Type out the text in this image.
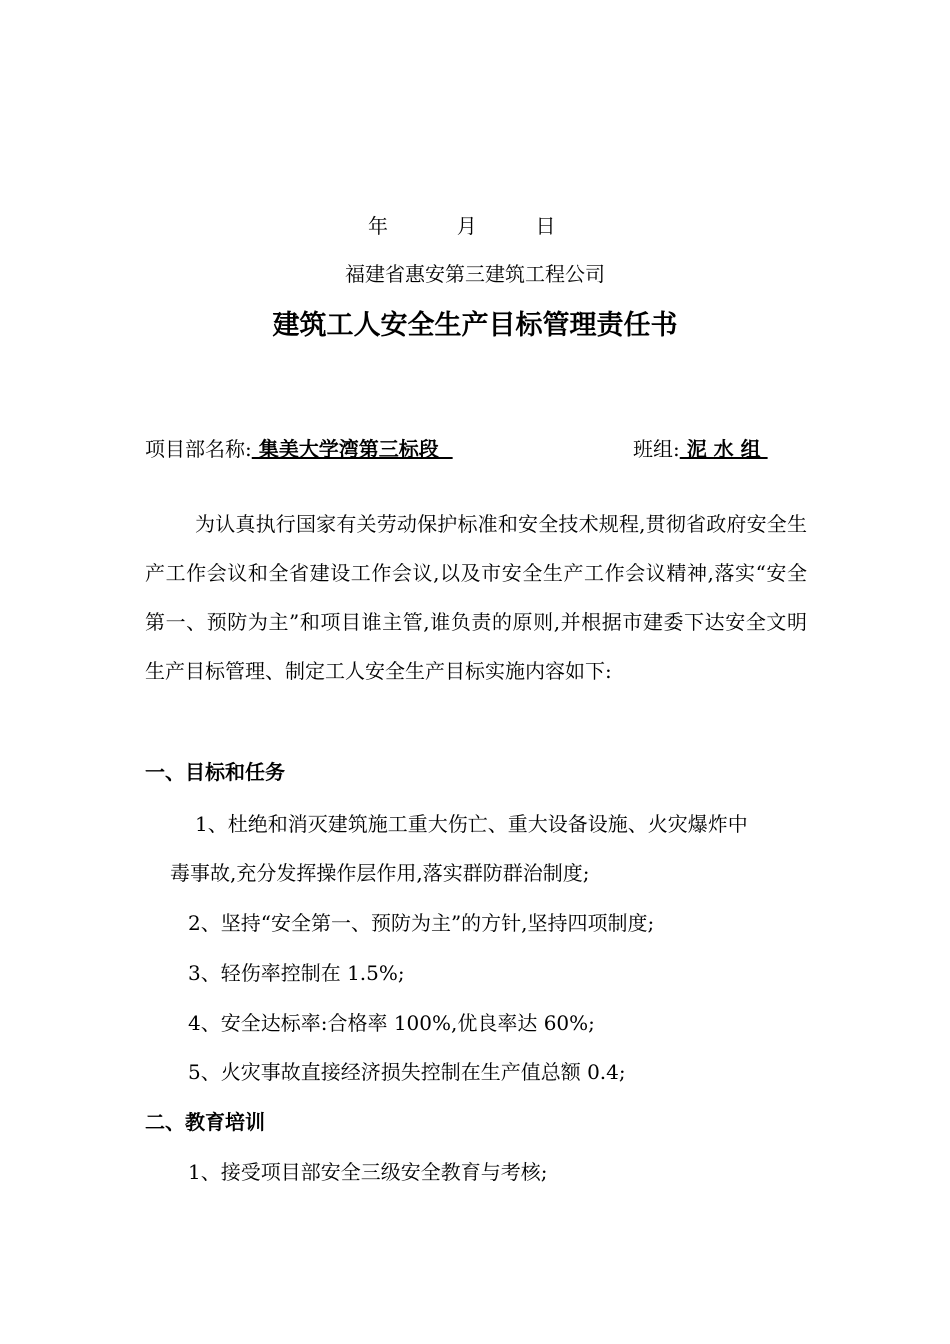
年	月	日
福建省惠安第三建筑工程公司
建筑工人安全生产目标管理责任书
项目部名称: 集美大学湾第三标段	班组: 泥 水 组

为认真执行国家有关劳动保护标准和安全技术规程,贯彻省政府安全生产工作会议和全省建设工作会议,以及市安全生产工作会议精神,落实“安全第一、预防为主”和项目谁主管,谁负责的原则,并根据市建委下达安全文明生产目标管理、制定工人安全生产目标实施内容如下:

一、目标和任务
1、杜绝和消灭建筑施工重大伤亡、重大设备设施、火灾爆炸中
毒事故,充分发挥操作层作用,落实群防群治制度;
2、坚持“安全第一、预防为主”的方针,坚持四项制度;
3、轻伤率控制在 1.5%;
4、安全达标率:合格率 100%,优良率达 60%;
5、火灾事故直接经济损失控制在生产值总额 0.4;
二、教育培训
1、接受项目部安全三级安全教育与考核;
